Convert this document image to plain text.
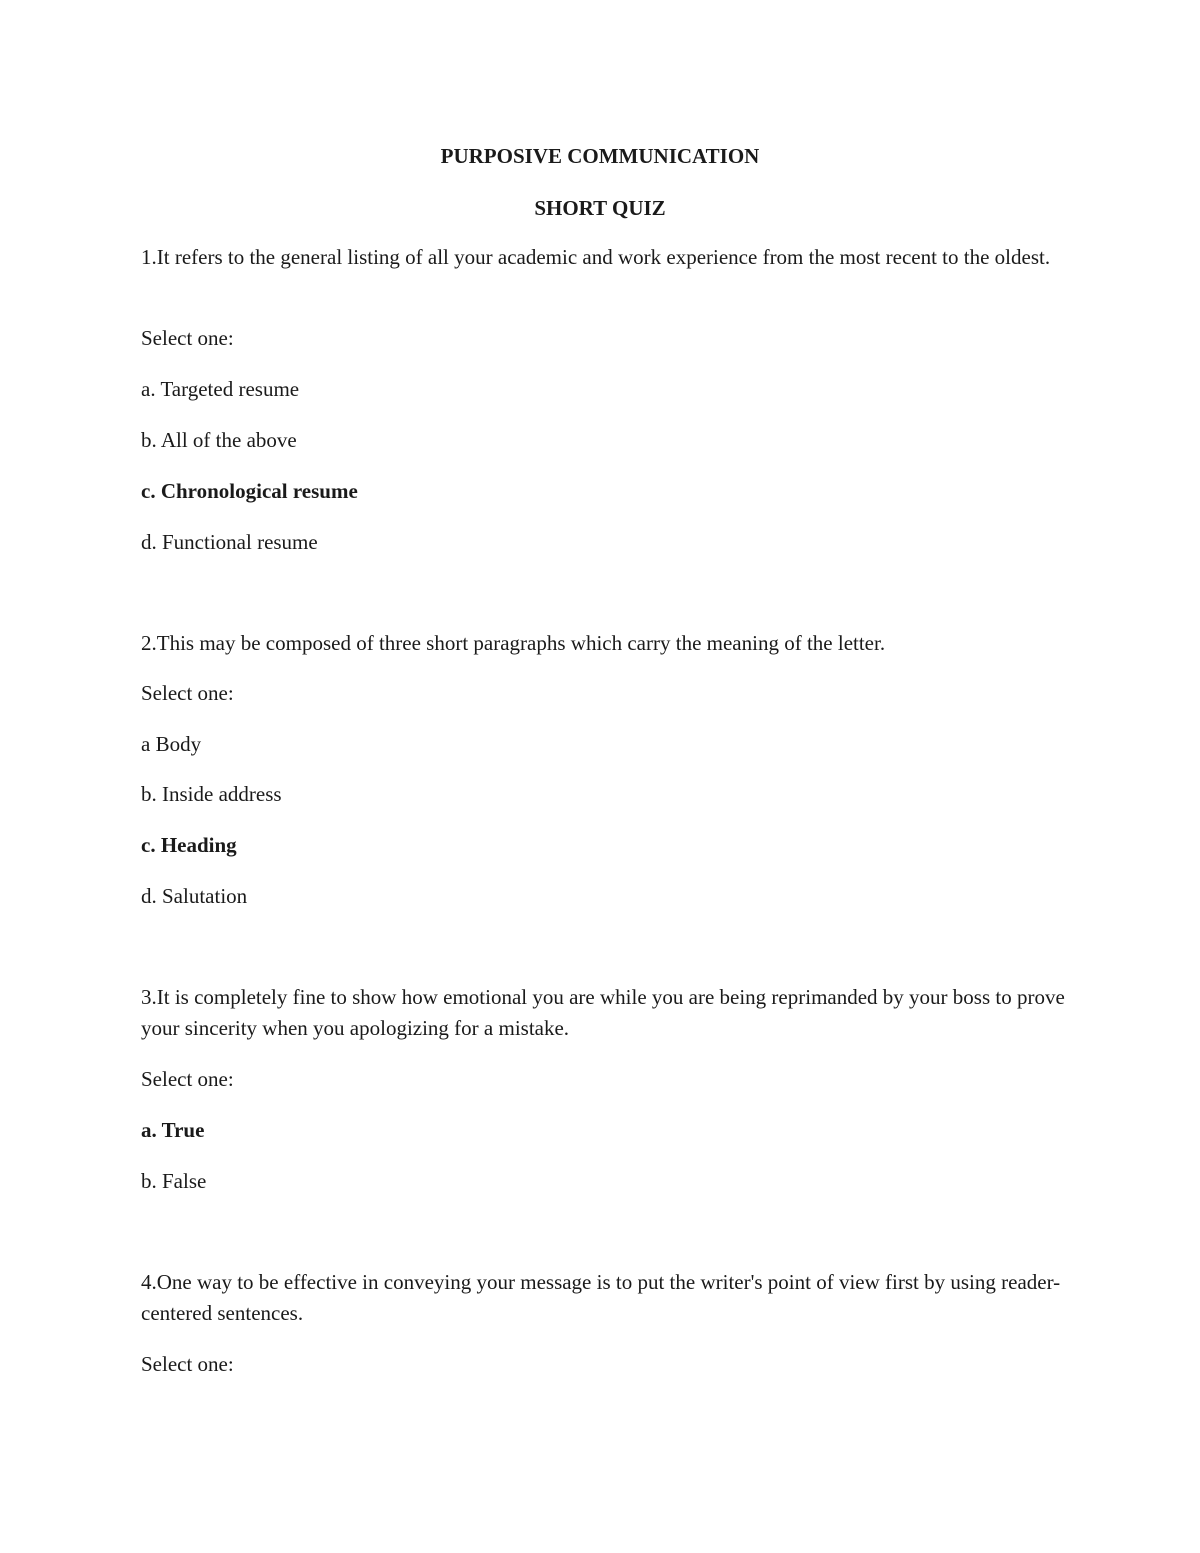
PURPOSIVE COMMUNICATION
SHORT QUIZ

1.It refers to the general listing of all your academic and work experience from the most recent to the oldest.

Select one:

a. Targeted resume

b. All of the above

c. Chronological resume

d. Functional resume

2.This may be composed of three short paragraphs which carry the meaning of the letter.

Select one:

a Body

b. Inside address

c. Heading

d. Salutation

3.It is completely fine to show how emotional you are while you are being reprimanded by your boss to prove your sincerity when you apologizing for a mistake.

Select one:

a. True

b. False

4.One way to be effective in conveying your message is to put the writer's point of view first by using reader-centered sentences.

Select one:
